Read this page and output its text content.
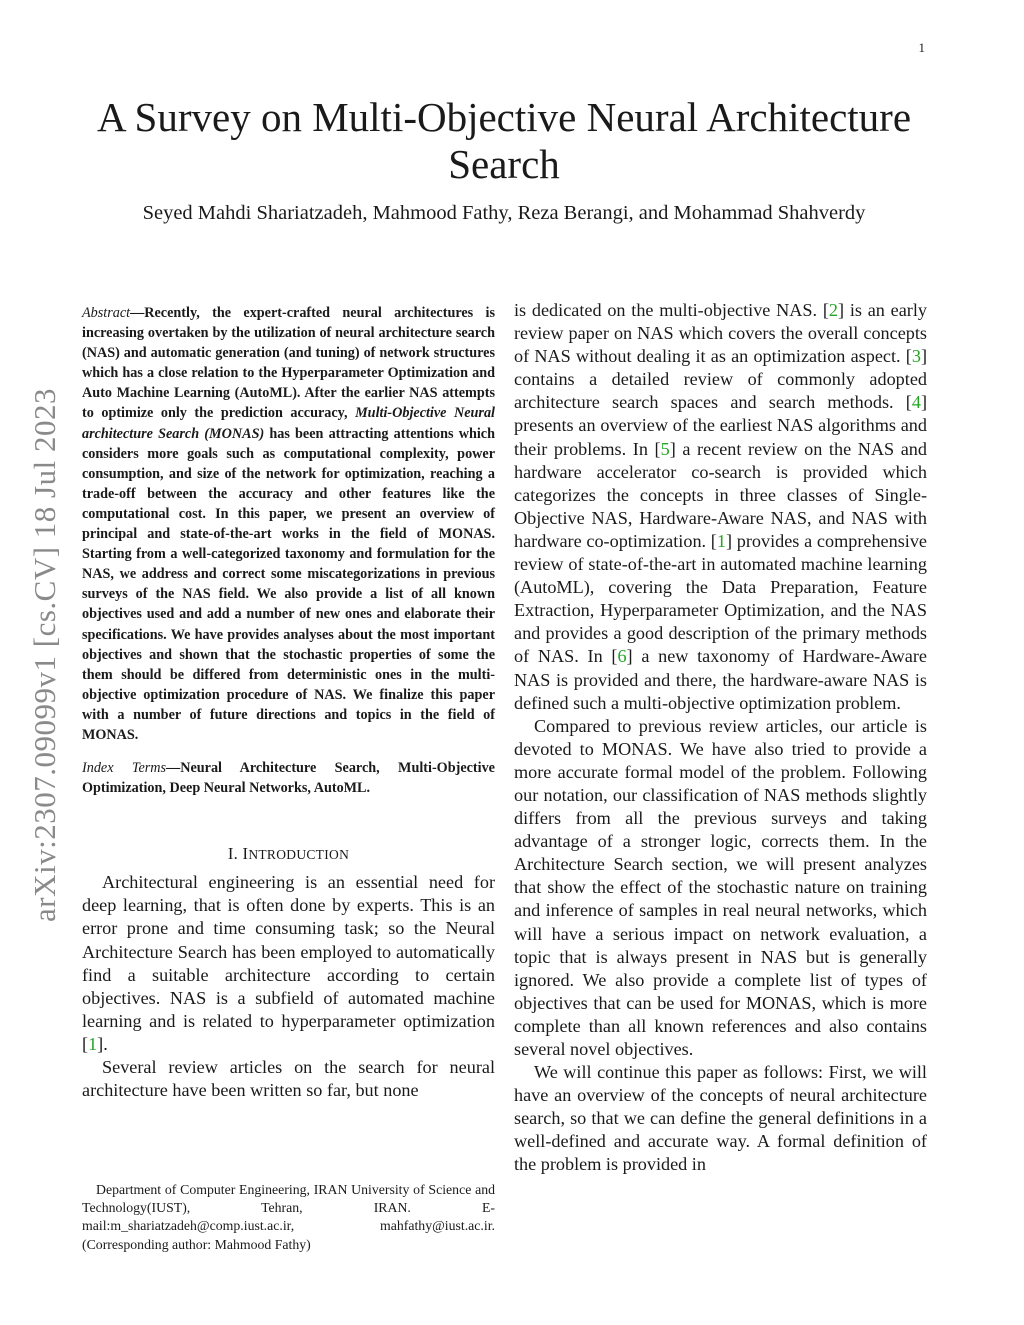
1
arXiv:2307.09099v1 [cs.CV] 18 Jul 2023
A Survey on Multi-Objective Neural Architecture Search
Seyed Mahdi Shariatzadeh, Mahmood Fathy, Reza Berangi, and Mohammad Shahverdy

Abstract—Recently, the expert-crafted neural architectures is increasing overtaken by the utilization of neural architecture search (NAS) and automatic generation (and tuning) of network structures which has a close relation to the Hyperparameter Optimization and Auto Machine Learning (AutoML). After the earlier NAS attempts to optimize only the prediction accuracy, Multi-Objective Neural architecture Search (MONAS) has been attracting attentions which considers more goals such as computational complexity, power consumption, and size of the network for optimization, reaching a trade-off between the accuracy and other features like the computational cost. In this paper, we present an overview of principal and state-of-the-art works in the field of MONAS. Starting from a well-categorized taxonomy and formulation for the NAS, we address and correct some miscategorizations in previous surveys of the NAS field. We also provide a list of all known objectives used and add a number of new ones and elaborate their specifications. We have provides analyses about the most important objectives and shown that the stochastic properties of some the them should be differed from deterministic ones in the multi-objective optimization procedure of NAS. We finalize this paper with a number of future directions and topics in the field of MONAS.

Index Terms—Neural Architecture Search, Multi-Objective Optimization, Deep Neural Networks, AutoML.

I. INTRODUCTION

Architectural engineering is an essential need for deep learning, that is often done by experts. This is an error prone and time consuming task; so the Neural Architecture Search has been employed to automatically find a suitable architecture according to certain objectives. NAS is a subfield of automated machine learning and is related to hyperparameter optimization [1].

Several review articles on the search for neural architecture have been written so far, but none

Department of Computer Engineering, IRAN University of Science and Technology(IUST), Tehran, IRAN. E-mail:m_shariatzadeh@comp.iust.ac.ir, mahfathy@iust.ac.ir.(Corresponding author: Mahmood Fathy)

is dedicated on the multi-objective NAS. [2] is an early review paper on NAS which covers the overall concepts of NAS without dealing it as an optimization aspect. [3] contains a detailed review of commonly adopted architecture search spaces and search methods. [4] presents an overview of the earliest NAS algorithms and their problems. In [5] a recent review on the NAS and hardware accelerator co-search is provided which categorizes the concepts in three classes of Single-Objective NAS, Hardware-Aware NAS, and NAS with hardware co-optimization. [1] provides a comprehensive review of state-of-the-art in automated machine learning (AutoML), covering the Data Preparation, Feature Extraction, Hyperparameter Optimization, and the NAS and provides a good description of the primary methods of NAS. In [6] a new taxonomy of Hardware-Aware NAS is provided and there, the hardware-aware NAS is defined such a multi-objective optimization problem.

Compared to previous review articles, our article is devoted to MONAS. We have also tried to provide a more accurate formal model of the problem. Following our notation, our classification of NAS methods slightly differs from all the previous surveys and taking advantage of a stronger logic, corrects them. In the Architecture Search section, we will present analyzes that show the effect of the stochastic nature on training and inference of samples in real neural networks, which will have a serious impact on network evaluation, a topic that is always present in NAS but is generally ignored. We also provide a complete list of types of objectives that can be used for MONAS, which is more complete than all known references and also contains several novel objectives.

We will continue this paper as follows: First, we will have an overview of the concepts of neural architecture search, so that we can define the general definitions in a well-defined and accurate way. A formal definition of the problem is provided in
